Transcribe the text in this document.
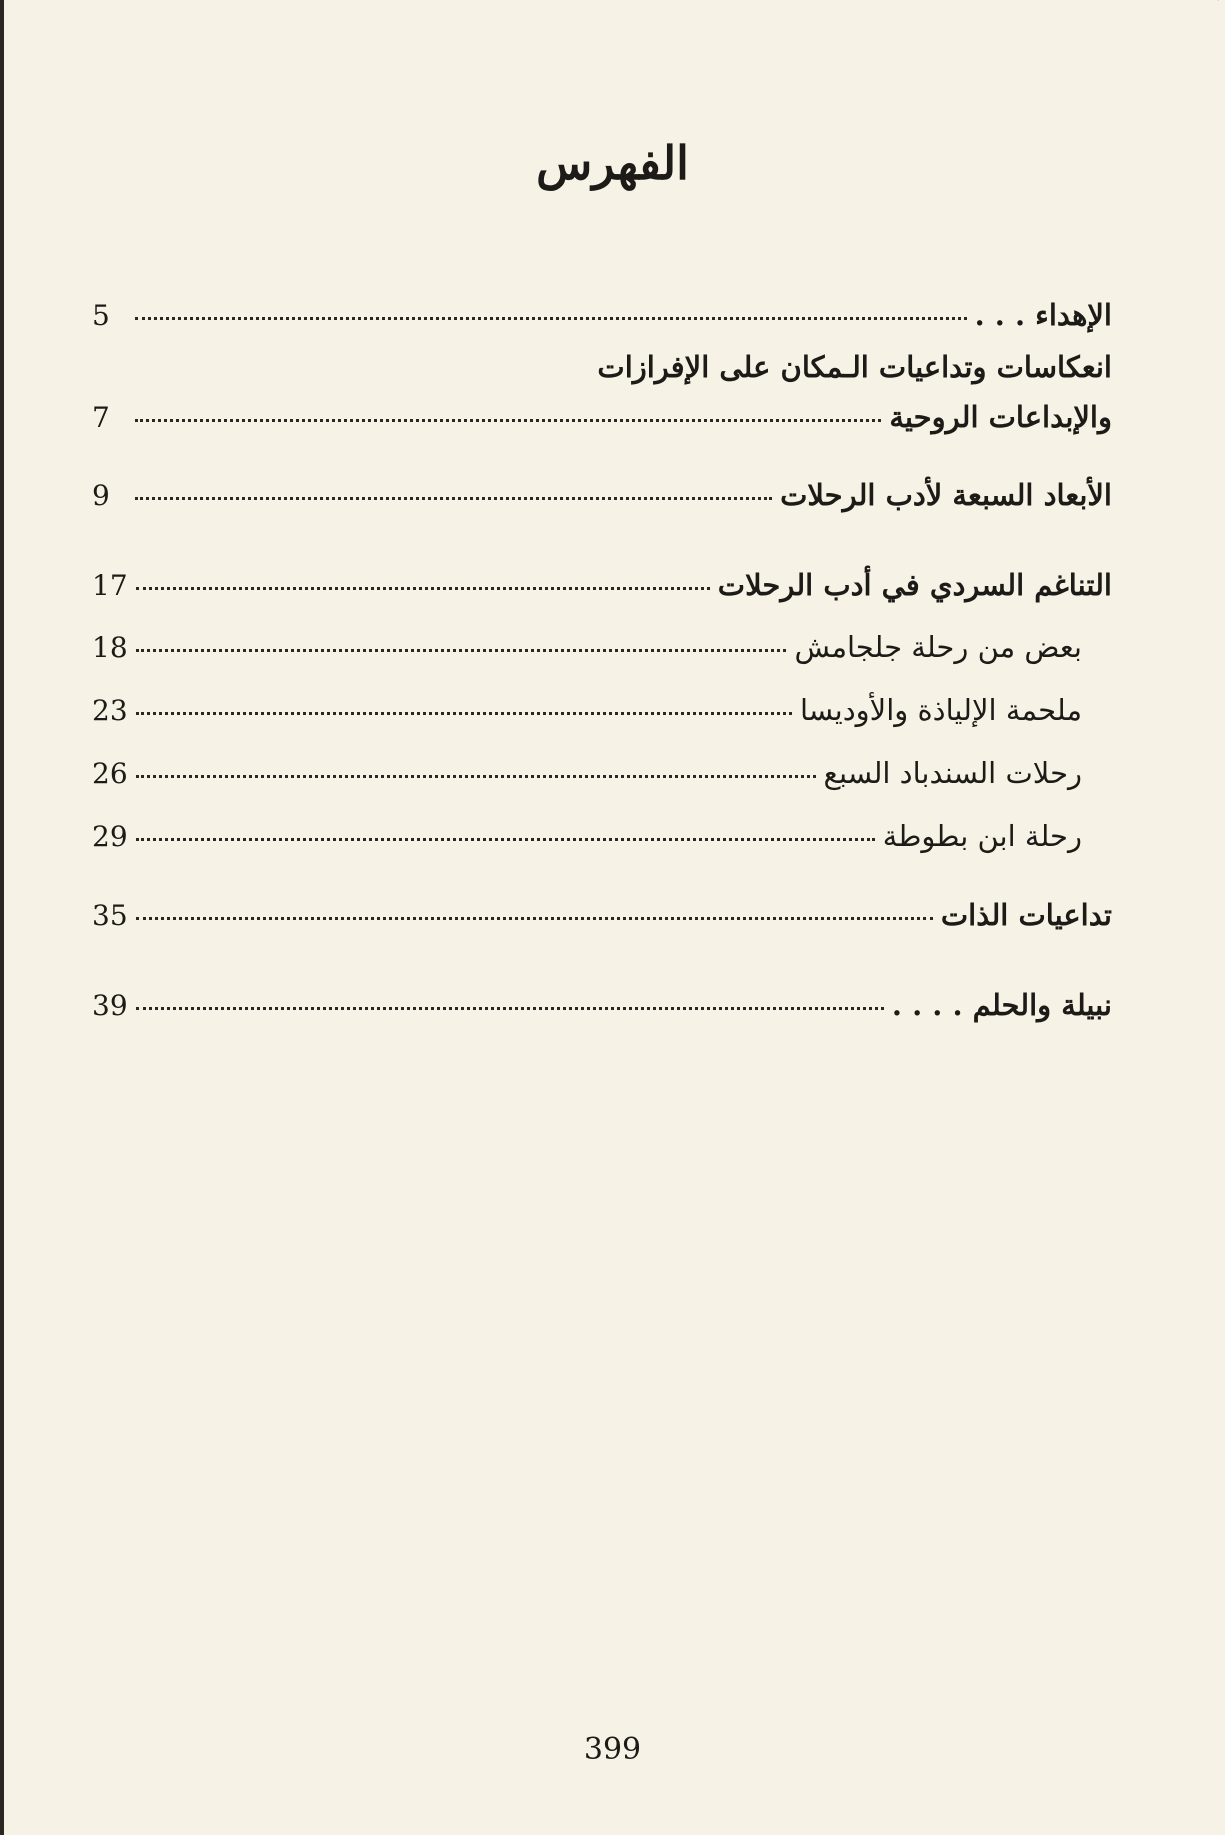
الفهرس
الإهداء . . .
5
انعكاسات وتداعيات الـمكان على الإفرازات
والإبداعات الروحية
7
الأبعاد السبعة لأدب الرحلات
9
التناغم السردي في أدب الرحلات
17
بعض من رحلة جلجامش
18
ملحمة الإلياذة والأوديسا
23
رحلات السندباد السبع
26
رحلة ابن بطوطة
29
تداعيات الذات
35
نبيلة والحلم . . . .
39
399
